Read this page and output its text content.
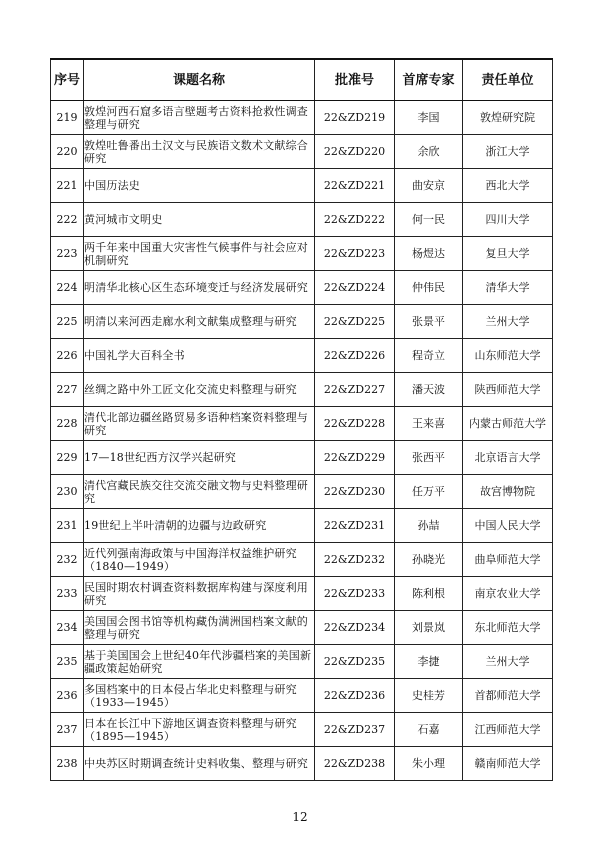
序号	课题名称	批准号	首席专家	责任单位
219	敦煌河西石窟多语言壁题考古资料抢救性调查整理与研究	22&ZD219	李国	敦煌研究院
220	敦煌吐鲁番出土汉文与民族语文数术文献综合研究	22&ZD220	余欣	浙江大学
221	中国历法史	22&ZD221	曲安京	西北大学
222	黄河城市文明史	22&ZD222	何一民	四川大学
223	两千年来中国重大灾害性气候事件与社会应对机制研究	22&ZD223	杨煜达	复旦大学
224	明清华北核心区生态环境变迁与经济发展研究	22&ZD224	仲伟民	清华大学
225	明清以来河西走廊水利文献集成整理与研究	22&ZD225	张景平	兰州大学
226	中国礼学大百科全书	22&ZD226	程奇立	山东师范大学
227	丝绸之路中外工匠文化交流史料整理与研究	22&ZD227	潘天波	陕西师范大学
228	清代北部边疆丝路贸易多语种档案资料整理与研究	22&ZD228	王来喜	内蒙古师范大学
229	17—18世纪西方汉学兴起研究	22&ZD229	张西平	北京语言大学
230	清代宫藏民族交往交流交融文物与史料整理研究	22&ZD230	任万平	故宫博物院
231	19世纪上半叶清朝的边疆与边政研究	22&ZD231	孙喆	中国人民大学
232	近代列强南海政策与中国海洋权益维护研究（1840—1949）	22&ZD232	孙晓光	曲阜师范大学
233	民国时期农村调查资料数据库构建与深度利用研究	22&ZD233	陈利根	南京农业大学
234	美国国会图书馆等机构藏伪满洲国档案文献的整理与研究	22&ZD234	刘景岚	东北师范大学
235	基于美国国会上世纪40年代涉疆档案的美国新疆政策起始研究	22&ZD235	李捷	兰州大学
236	多国档案中的日本侵占华北史料整理与研究（1933—1945）	22&ZD236	史桂芳	首都师范大学
237	日本在长江中下游地区调查资料整理与研究（1895—1945）	22&ZD237	石嘉	江西师范大学
238	中央苏区时期调查统计史料收集、整理与研究	22&ZD238	朱小理	赣南师范大学
12
